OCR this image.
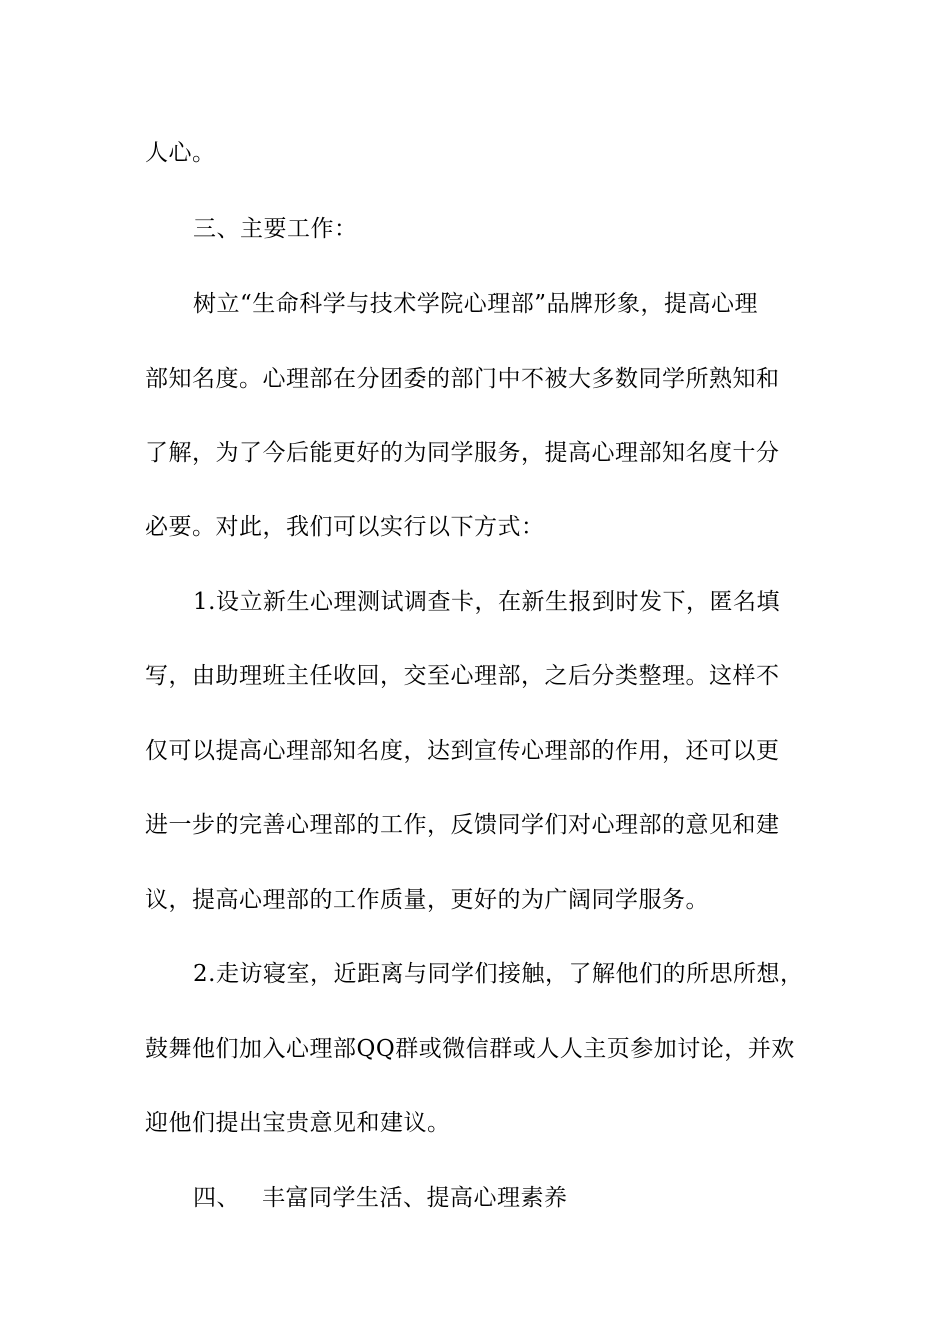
人心。
三、主要工作：
树立“生命科学与技术学院心理部”品牌形象，提高心理
部知名度。心理部在分团委的部门中不被大多数同学所熟知和
了解，为了今后能更好的为同学服务，提高心理部知名度十分
必要。对此，我们可以实行以下方式：
1.设立新生心理测试调查卡，在新生报到时发下，匿名填
写，由助理班主任收回，交至心理部，之后分类整理。这样不
仅可以提高心理部知名度，达到宣传心理部的作用，还可以更
进一步的完善心理部的工作，反馈同学们对心理部的意见和建
议，提高心理部的工作质量，更好的为广阔同学服务。
2.走访寝室，近距离与同学们接触，了解他们的所思所想，
鼓舞他们加入心理部QQ群或微信群或人人主页参加讨论，并欢
迎他们提出宝贵意见和建议。
四、 丰富同学生活、提高心理素养
